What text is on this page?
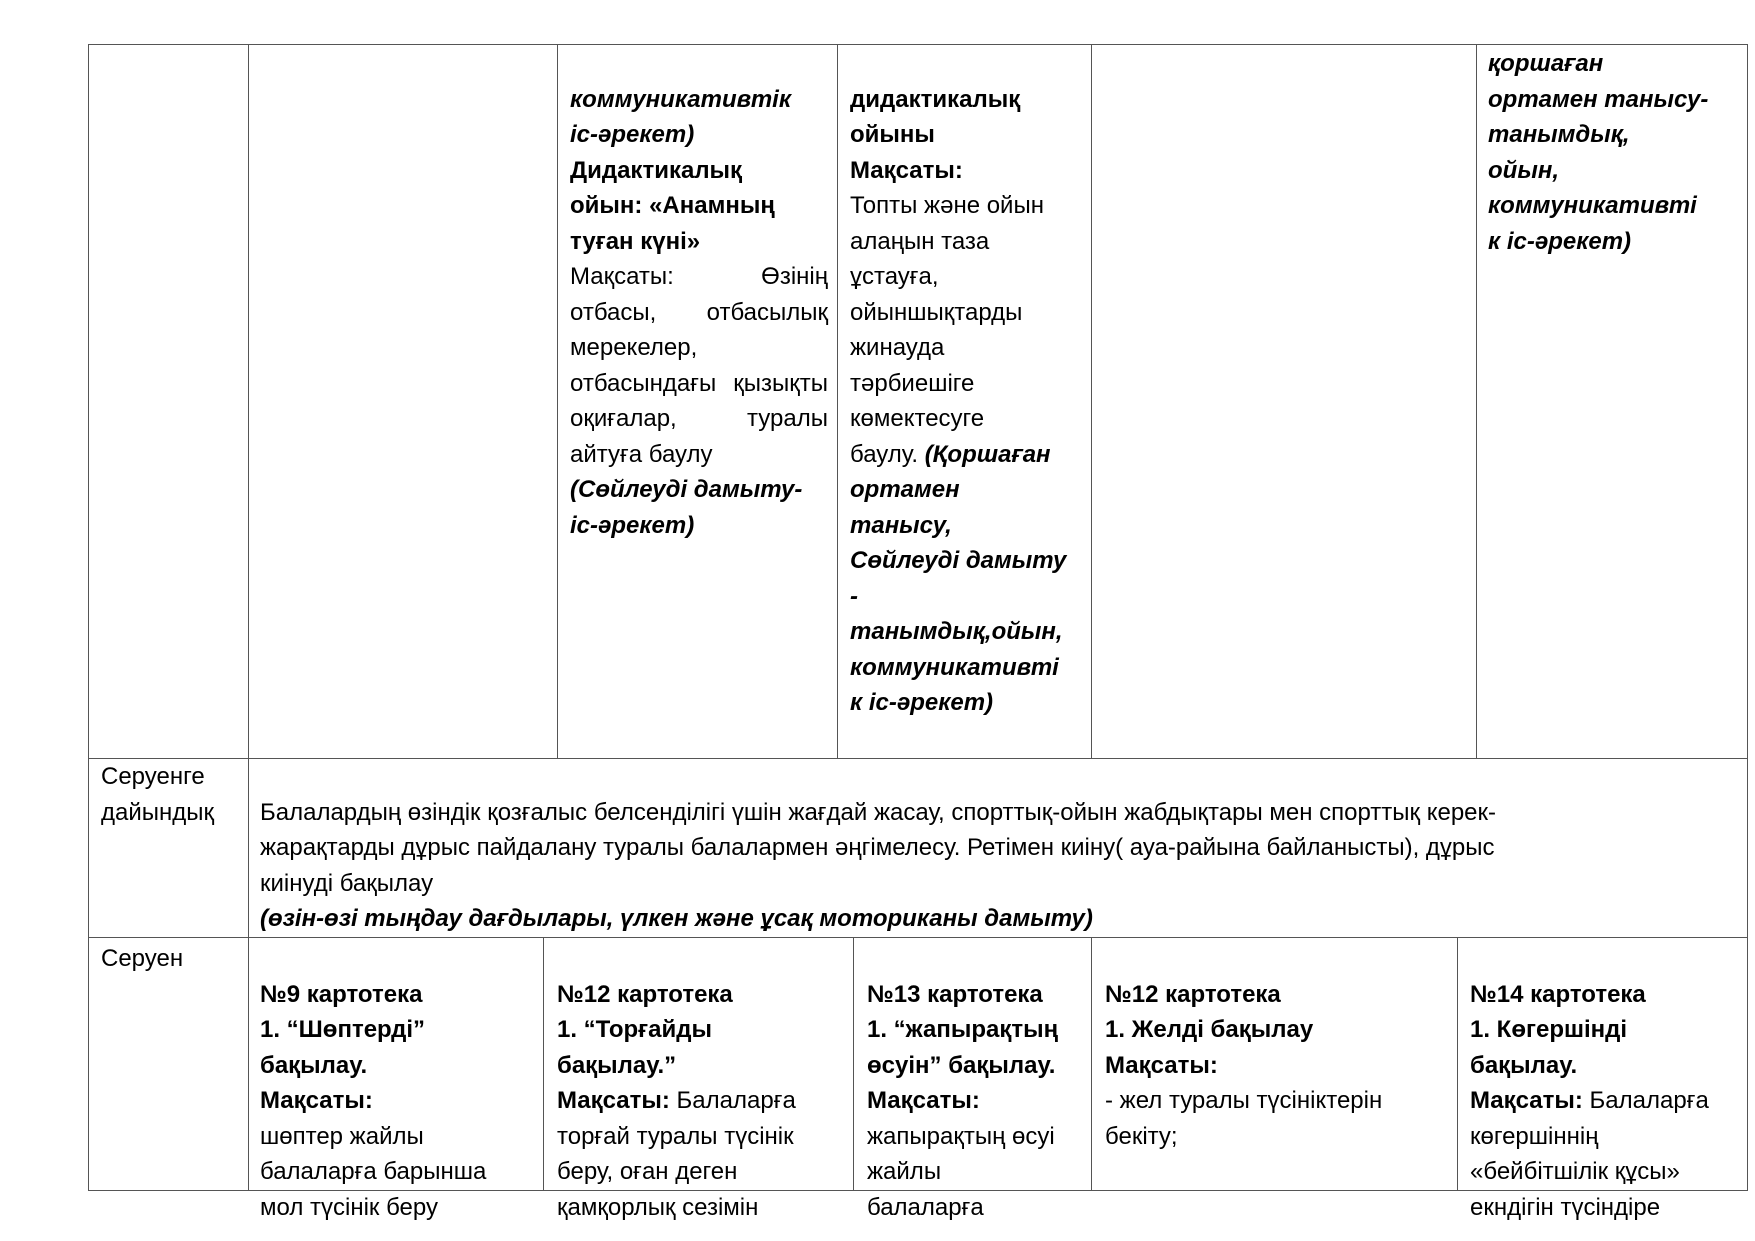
коммуникативтік
іс-әрекет)
Дидактикалық
ойын: «Анамның
туған күні»
Мақсаты: Өзінің отбасы, отбасылық мерекелер, отбасындағы қызықты оқиғалар, туралы айтуға баулу
(Сөйлеуді дамыту-
іс-әрекет)

дидактикалық
ойыны
Мақсаты:
Топты және ойын
алаңын таза
ұстауға,
ойыншықтарды
жинауда
тәрбиешіге
көмектесуге
баулу. (Қоршаған
ортамен
танысу,
Сөйлеуді дамыту
-
танымдық,ойын,
коммуникативті
к іс-әрекет)

қоршаған
ортамен танысу-
танымдық,
ойын,
коммуникативті
к іс-әрекет)
Серуенге
дайындық	Балалардың өзіндік қозғалыс белсенділігі үшін жағдай жасау, спорттық-ойын жабдықтары мен спорттық керек-
жарақтарды дұрыс пайдалану туралы балалармен әңгімелесу. Ретімен киіну( ауа-райына байланысты), дұрыс
киінуді бақылау
(өзін-өзі тыңдау дағдылары, үлкен және ұсақ моториканы дамыту)

Серуен

№9 картотека
1. “Шөптерді”
бақылау.
Мақсаты:
шөптер жайлы
балаларға барынша
мол түсінік беру

№12 картотека
1. “Торғайды
бақылау.”
Мақсаты: Балаларға
торғай туралы түсінік
беру, оған деген
қамқорлық сезімін

№13 картотека
1. “жапырақтың
өсуін” бақылау.
Мақсаты:
жапырақтың өсуі
жайлы
балаларға

№12 картотека
1. Желді бақылау
Мақсаты:
- жел туралы түсініктерін
бекіту;

№14 картотека
1. Көгершінді
бақылау.
Мақсаты: Балаларға
көгершіннің
«бейбітшілік құсы»
екндігін түсіндіре
